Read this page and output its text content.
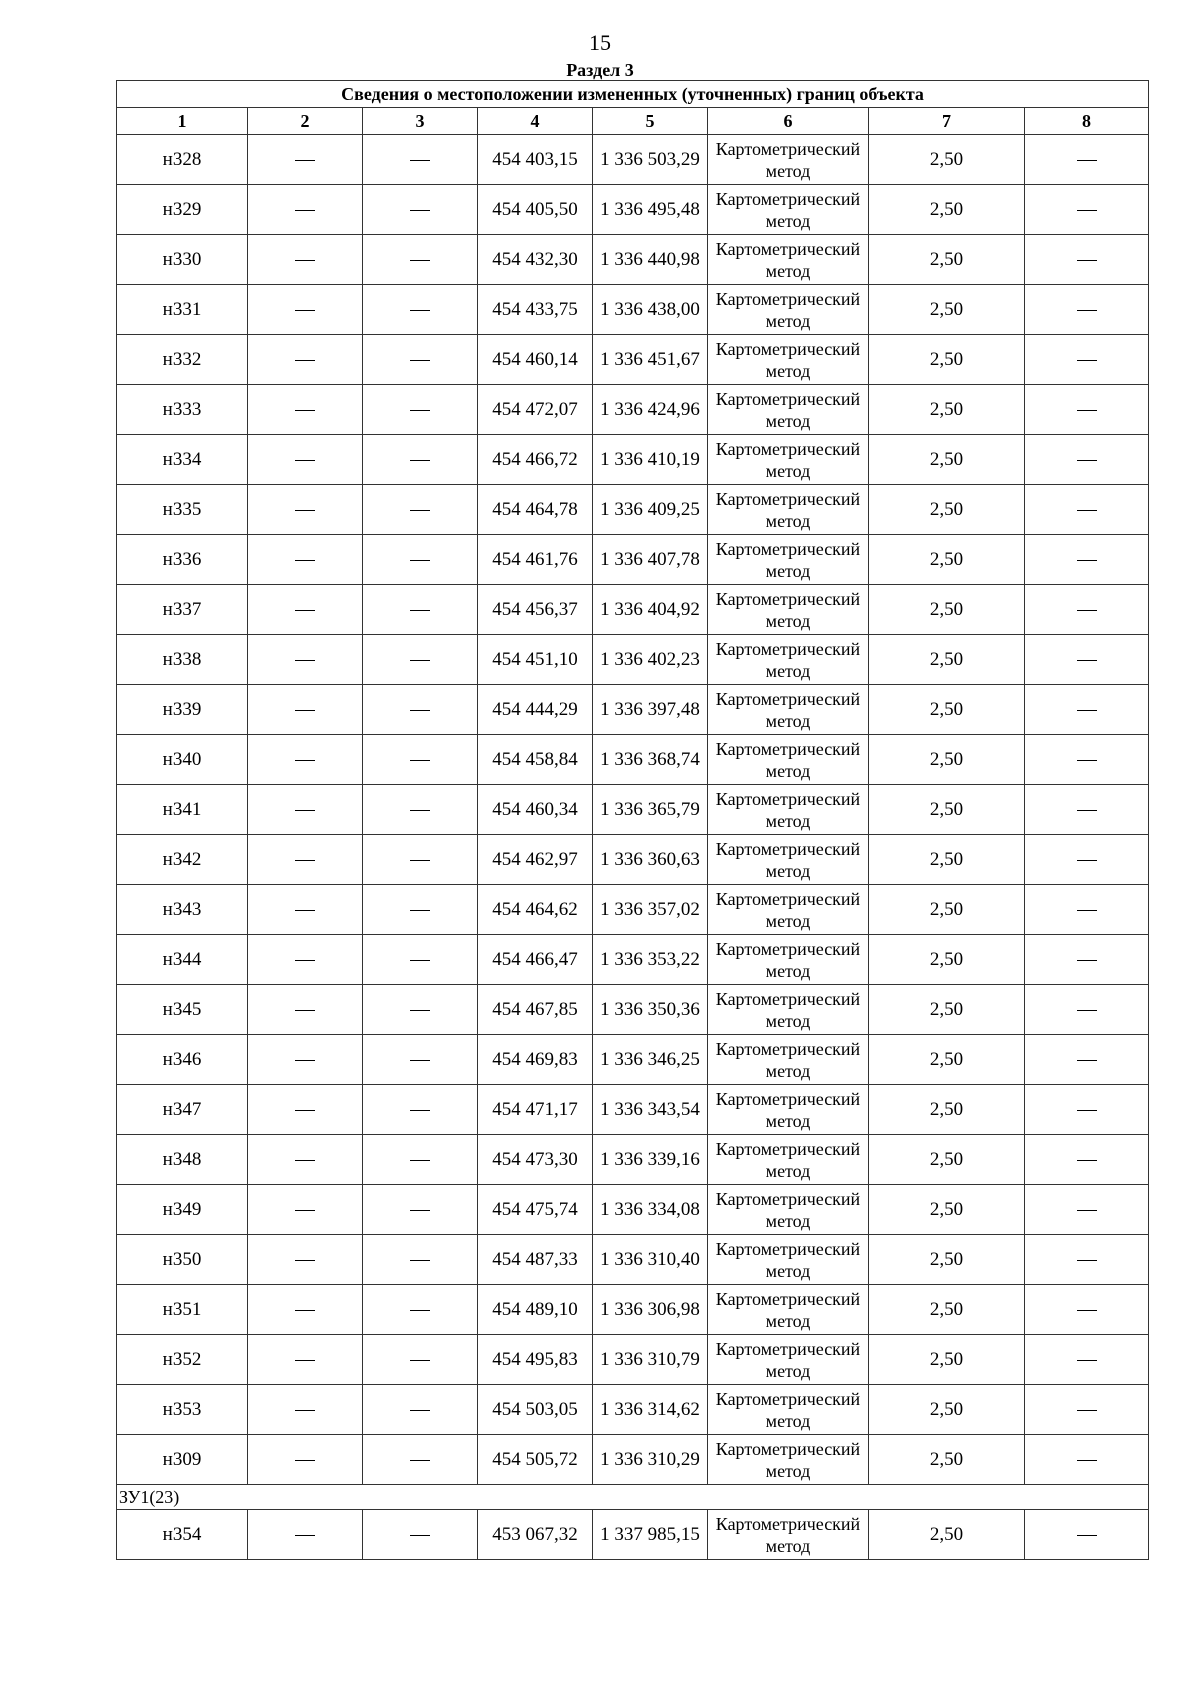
15
Раздел 3
Сведения о местоположении измененных (уточненных) границ объекта							
1	2	3	4	5	6	7	8
н328			454 403,15	1 336 503,29	Картометрический метод	2,50	
н329			454 405,50	1 336 495,48	Картометрический метод	2,50	
н330			454 432,30	1 336 440,98	Картометрический метод	2,50	
н331			454 433,75	1 336 438,00	Картометрический метод	2,50	
н332			454 460,14	1 336 451,67	Картометрический метод	2,50	
н333			454 472,07	1 336 424,96	Картометрический метод	2,50	
н334			454 466,72	1 336 410,19	Картометрический метод	2,50	
н335			454 464,78	1 336 409,25	Картометрический метод	2,50	
н336			454 461,76	1 336 407,78	Картометрический метод	2,50	
н337			454 456,37	1 336 404,92	Картометрический метод	2,50	
н338			454 451,10	1 336 402,23	Картометрический метод	2,50	
н339			454 444,29	1 336 397,48	Картометрический метод	2,50	
н340			454 458,84	1 336 368,74	Картометрический метод	2,50	
н341			454 460,34	1 336 365,79	Картометрический метод	2,50	
н342			454 462,97	1 336 360,63	Картометрический метод	2,50	
н343			454 464,62	1 336 357,02	Картометрический метод	2,50	
н344			454 466,47	1 336 353,22	Картометрический метод	2,50	
н345			454 467,85	1 336 350,36	Картометрический метод	2,50	
н346			454 469,83	1 336 346,25	Картометрический метод	2,50	
н347			454 471,17	1 336 343,54	Картометрический метод	2,50	
н348			454 473,30	1 336 339,16	Картометрический метод	2,50	
н349			454 475,74	1 336 334,08	Картометрический метод	2,50	
н350			454 487,33	1 336 310,40	Картометрический метод	2,50	
н351			454 489,10	1 336 306,98	Картометрический метод	2,50	
н352			454 495,83	1 336 310,79	Картометрический метод	2,50	
н353			454 503,05	1 336 314,62	Картометрический метод	2,50	
н309			454 505,72	1 336 310,29	Картометрический метод	2,50	
ЗУ1(23)							
н354			453 067,32	1 337 985,15	Картометрический метод	2,50	
